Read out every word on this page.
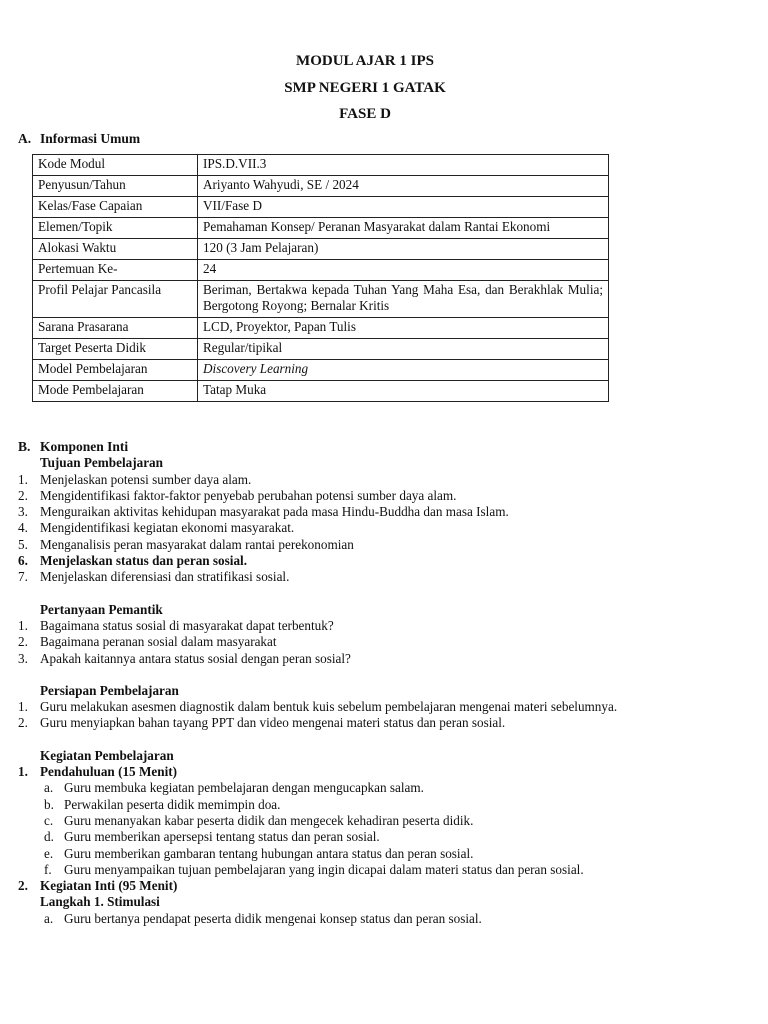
MODUL AJAR 1 IPS
SMP NEGERI 1 GATAK
FASE D
A. Informasi Umum
Kode Modul	IPS.D.VII.3
Penyusun/Tahun	Ariyanto Wahyudi, SE / 2024
Kelas/Fase Capaian	VII/Fase D
Elemen/Topik	Pemahaman Konsep/ Peranan Masyarakat dalam Rantai Ekonomi
Alokasi Waktu	120 (3 Jam Pelajaran)
Pertemuan Ke-	24
Profil Pelajar Pancasila	Beriman, Bertakwa kepada Tuhan Yang Maha Esa, dan Berakhlak Mulia; Bergotong Royong; Bernalar Kritis
Sarana Prasarana	LCD, Proyektor, Papan Tulis
Target Peserta Didik	Regular/tipikal
Model Pembelajaran	Discovery Learning
Mode Pembelajaran	Tatap Muka
B. Komponen Inti
Tujuan Pembelajaran
1. Menjelaskan potensi sumber daya alam.
2. Mengidentifikasi faktor-faktor penyebab perubahan potensi sumber daya alam.
3. Menguraikan aktivitas kehidupan masyarakat pada masa Hindu-Buddha dan masa Islam.
4. Mengidentifikasi kegiatan ekonomi masyarakat.
5. Menganalisis peran masyarakat dalam rantai perekonomian
6. Menjelaskan status dan peran sosial.
7. Menjelaskan diferensiasi dan stratifikasi sosial.
Pertanyaan Pemantik
1. Bagaimana status sosial di masyarakat dapat terbentuk?
2. Bagaimana peranan sosial dalam masyarakat
3. Apakah kaitannya antara status sosial dengan peran sosial?
Persiapan Pembelajaran
1. Guru melakukan asesmen diagnostik dalam bentuk kuis sebelum pembelajaran mengenai materi sebelumnya.
2. Guru menyiapkan bahan tayang PPT dan video mengenai materi status dan peran sosial.
Kegiatan Pembelajaran
1. Pendahuluan (15 Menit)
a. Guru membuka kegiatan pembelajaran dengan mengucapkan salam.
b. Perwakilan peserta didik memimpin doa.
c. Guru menanyakan kabar peserta didik dan mengecek kehadiran peserta didik.
d. Guru memberikan apersepsi tentang status dan peran sosial.
e. Guru memberikan gambaran tentang hubungan antara status dan peran sosial.
f. Guru menyampaikan tujuan pembelajaran yang ingin dicapai dalam materi status dan peran sosial.
2. Kegiatan Inti (95 Menit)
Langkah 1. Stimulasi
a. Guru bertanya pendapat peserta didik mengenai konsep status dan peran sosial.
